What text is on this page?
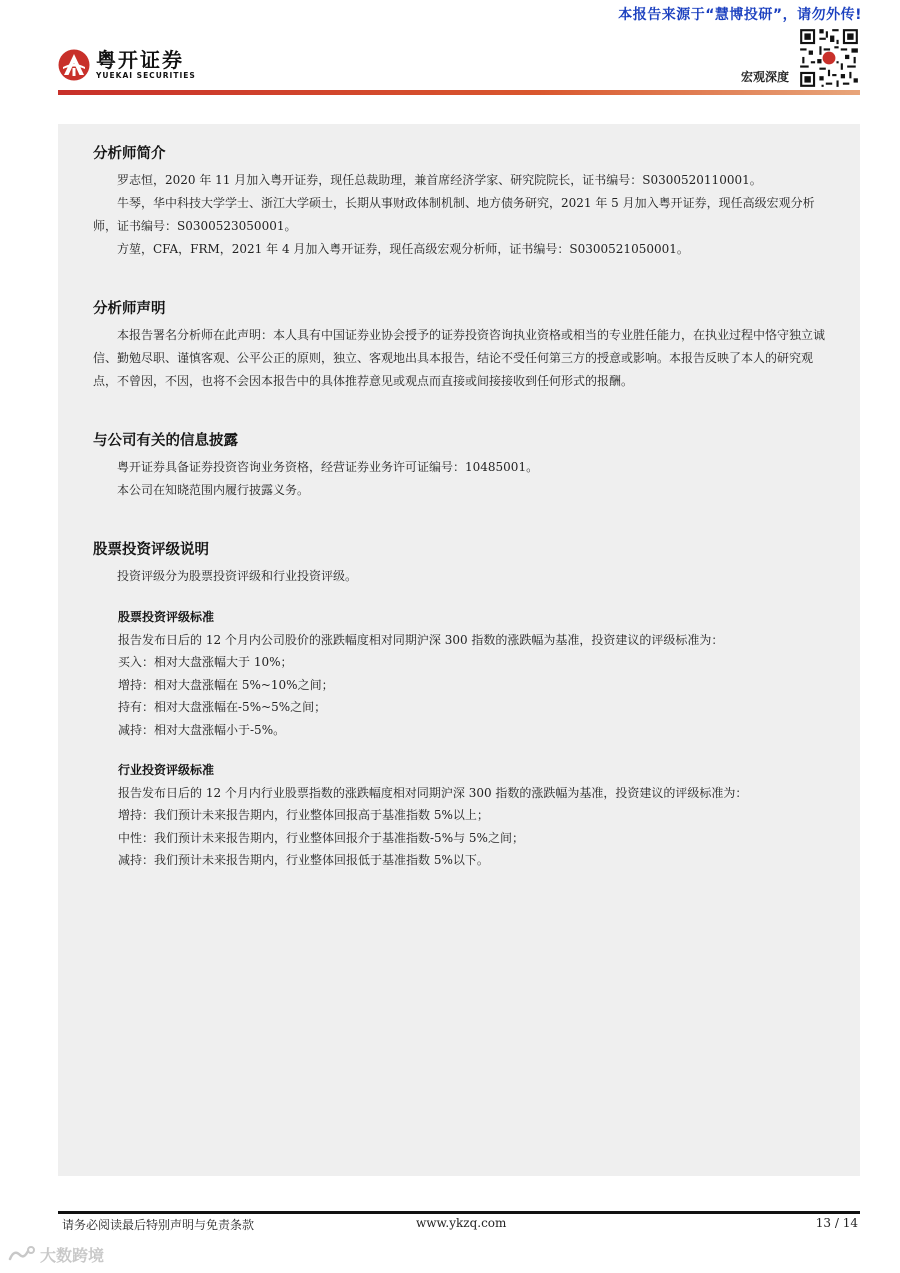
本报告来源于“慧博投研”，请勿外传!
粤开证券
YUEKAI SECURITIES	宏观深度
分析师简介

罗志恒，2020 年 11 月加入粤开证券，现任总裁助理，兼首席经济学家、研究院院长，证书编号：S0300520110001。

牛琴，华中科技大学学士、浙江大学硕士，长期从事财政体制机制、地方债务研究，2021 年 5 月加入粤开证券，现任高级宏观分析师，证书编号：S0300523050001。

方堃，CFA，FRM，2021 年 4 月加入粤开证券，现任高级宏观分析师，证书编号：S0300521050001。

分析师声明

本报告署名分析师在此声明：本人具有中国证券业协会授予的证券投资咨询执业资格或相当的专业胜任能力，在执业过程中恪守独立诚信、勤勉尽职、谨慎客观、公平公正的原则，独立、客观地出具本报告，结论不受任何第三方的授意或影响。本报告反映了本人的研究观点，不曾因，不因，也将不会因本报告中的具体推荐意见或观点而直接或间接接收到任何形式的报酬。

与公司有关的信息披露

粤开证券具备证券投资咨询业务资格，经营证券业务许可证编号：10485001。

本公司在知晓范围内履行披露义务。

股票投资评级说明

投资评级分为股票投资评级和行业投资评级。

股票投资评级标准

报告发布日后的 12 个月内公司股价的涨跌幅度相对同期沪深 300 指数的涨跌幅为基准，投资建议的评级标准为：

买入：相对大盘涨幅大于 10%；

增持：相对大盘涨幅在 5%~10%之间；

持有：相对大盘涨幅在-5%~5%之间；

减持：相对大盘涨幅小于-5%。

行业投资评级标准

报告发布日后的 12 个月内行业股票指数的涨跌幅度相对同期沪深 300 指数的涨跌幅为基准，投资建议的评级标准为：

增持：我们预计未来报告期内，行业整体回报高于基准指数 5%以上；

中性：我们预计未来报告期内，行业整体回报介于基准指数-5%与 5%之间；

减持：我们预计未来报告期内，行业整体回报低于基准指数 5%以下。

请务必阅读最后特别声明与免责条款	www.ykzq.com	13 / 14
大数跨境
